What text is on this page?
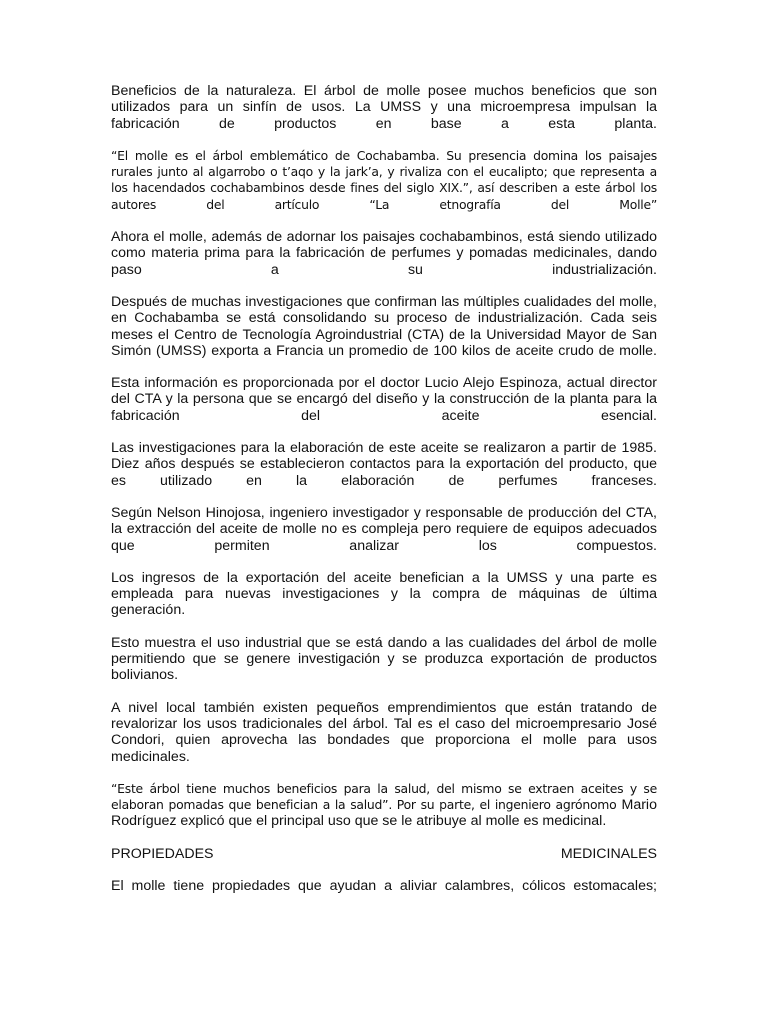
Beneficios de la naturaleza. El árbol de molle posee muchos beneficios que son utilizados para un sinfín de usos. La UMSS y una microempresa impulsan la fabricación de productos en base a esta planta.

“El molle es el árbol emblemático de Cochabamba. Su presencia domina los paisajes rurales junto al algarrobo o t’aqo y la jark’a, y rivaliza con el eucalipto; que representa a los hacendados cochabambinos desde fines del siglo XIX.”, así describen a este árbol los autores del artículo “La etnografía del Molle”

Ahora el molle, además de adornar los paisajes cochabambinos, está siendo utilizado como materia prima para la fabricación de perfumes y pomadas medicinales, dando paso a su industrialización.

Después de muchas investigaciones que confirman las múltiples cualidades del molle, en Cochabamba se está consolidando su proceso de industrialización. Cada seis meses el Centro de Tecnología Agroindustrial (CTA) de la Universidad Mayor de San Simón (UMSS) exporta a Francia un promedio de 100 kilos de aceite crudo de molle.

Esta información es proporcionada por el doctor Lucio Alejo Espinoza, actual director del CTA y la persona que se encargó del diseño y la construcción de la planta para la fabricación del aceite esencial.

Las investigaciones para la elaboración de este aceite se realizaron a partir de 1985. Diez años después se establecieron contactos para la exportación del producto, que es utilizado en la elaboración de perfumes franceses.

Según Nelson Hinojosa, ingeniero investigador y responsable de producción del CTA, la extracción del aceite de molle no es compleja pero requiere de equipos adecuados que permiten analizar los compuestos.

Los ingresos de la exportación del aceite benefician a la UMSS y una parte es empleada para nuevas investigaciones y la compra de máquinas de última generación.

Esto muestra el uso industrial que se está dando a las cualidades del árbol de molle permitiendo que se genere investigación y se produzca exportación de productos bolivianos.

A nivel local también existen pequeños emprendimientos que están tratando de revalorizar los usos tradicionales del árbol. Tal es el caso del microempresario José Condori, quien aprovecha las bondades que proporciona el molle para usos medicinales.

“Este árbol tiene muchos beneficios para la salud, del mismo se extraen aceites y se elaboran pomadas que benefician a la salud”. Por su parte, el ingeniero agrónomo Mario Rodríguez explicó que el principal uso que se le atribuye al molle es medicinal.

PROPIEDADES	MEDICINALES

El molle tiene propiedades que ayudan a aliviar calambres, cólicos estomacales;
